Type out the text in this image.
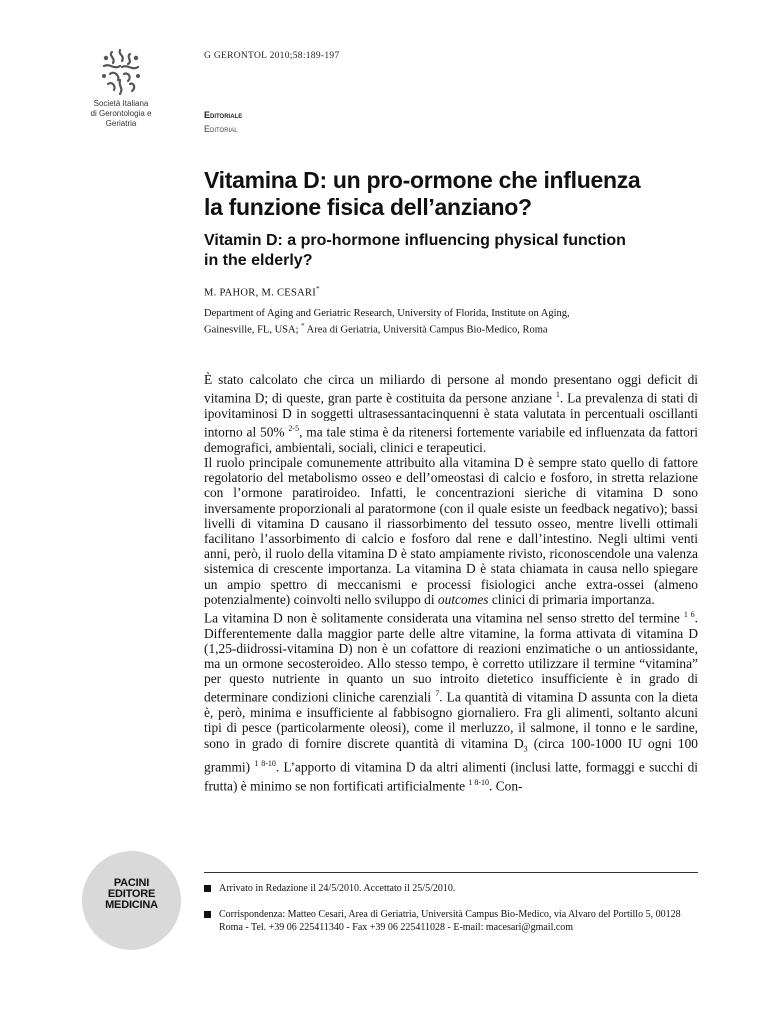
Società Italiana
di Gerontologia e
Geriatria
G GERONTOL 2010;58:189-197
Editoriale
Editorial
Vitamina D: un pro-ormone che influenza
la funzione fisica dell’anziano?
Vitamin D: a pro-hormone influencing physical function
in the elderly?
M. PAHOR, M. CESARI*
Department of Aging and Geriatric Research, University of Florida, Institute on Aging,
Gainesville, FL, USA; * Area di Geriatria, Università Campus Bio-Medico, Roma

È stato calcolato che circa un miliardo di persone al mondo presentano oggi deficit di vitamina D; di queste, gran parte è costituita da persone anziane $^1$. La prevalenza di stati di ipovitaminosi D in soggetti ultrasessantacinquenni è stata valutata in percentuali oscillanti intorno al 50% $^{2-5}$, ma tale stima è da ritenersi fortemente variabile ed influenzata da fattori demografici, ambientali, sociali, clinici e terapeutici.

Il ruolo principale comunemente attribuito alla vitamina D è sempre stato quello di fattore regolatorio del metabolismo osseo e dell’omeostasi di calcio e fosforo, in stretta relazione con l’ormone paratiroideo. Infatti, le concentrazioni sieriche di vitamina D sono inversamente proporzionali al paratormone (con il quale esiste un feedback negativo); bassi livelli di vitamina D causano il riassorbimento del tessuto osseo, mentre livelli ottimali facilitano l’assorbimento di calcio e fosforo dal rene e dall’intestino. Negli ultimi venti anni, però, il ruolo della vitamina D è stato ampiamente rivisto, riconoscendole una valenza sistemica di crescente importanza. La vitamina D è stata chiamata in causa nello spiegare un ampio spettro di meccanismi e processi fisiologici anche extra-ossei (almeno potenzialmente) coinvolti nello sviluppo di outcomes clinici di primaria importanza.

La vitamina D non è solitamente considerata una vitamina nel senso stretto del termine $^{1 6}$. Differentemente dalla maggior parte delle altre vitamine, la forma attivata di vitamina D (1,25-diidrossi-vitamina D) non è un cofattore di reazioni enzimatiche o un antiossidante, ma un ormone secosteroideo. Allo stesso tempo, è corretto utilizzare il termine “vitamina” per questo nutriente in quanto un suo introito dietetico insufficiente è in grado di determinare condizioni cliniche carenziali $^7$. La quantità di vitamina D assunta con la dieta è, però, minima e insufficiente al fabbisogno giornaliero. Fra gli alimenti, soltanto alcuni tipi di pesce (particolarmente oleosi), come il merluzzo, il salmone, il tonno e le sardine, sono in grado di fornire discrete quantità di vitamina $D_3$ (circa 100-1000 IU ogni 100 grammi) $^{1 8-10}$. L’apporto di vitamina D da altri alimenti (inclusi latte, formaggi e succhi di frutta) è minimo se non fortificati artificialmente $^{1 8-10}$. Con-

Arrivato in Redazione il 24/5/2010. Accettato il 25/5/2010.
Corrispondenza: Matteo Cesari, Area di Geriatria, Università Campus Bio-Medico, via Alvaro del Portillo 5, 00128 Roma - Tel. +39 06 225411340 - Fax +39 06 225411028 - E-mail: macesari@gmail.com
PACINI
EDITORE
MEDICINA
